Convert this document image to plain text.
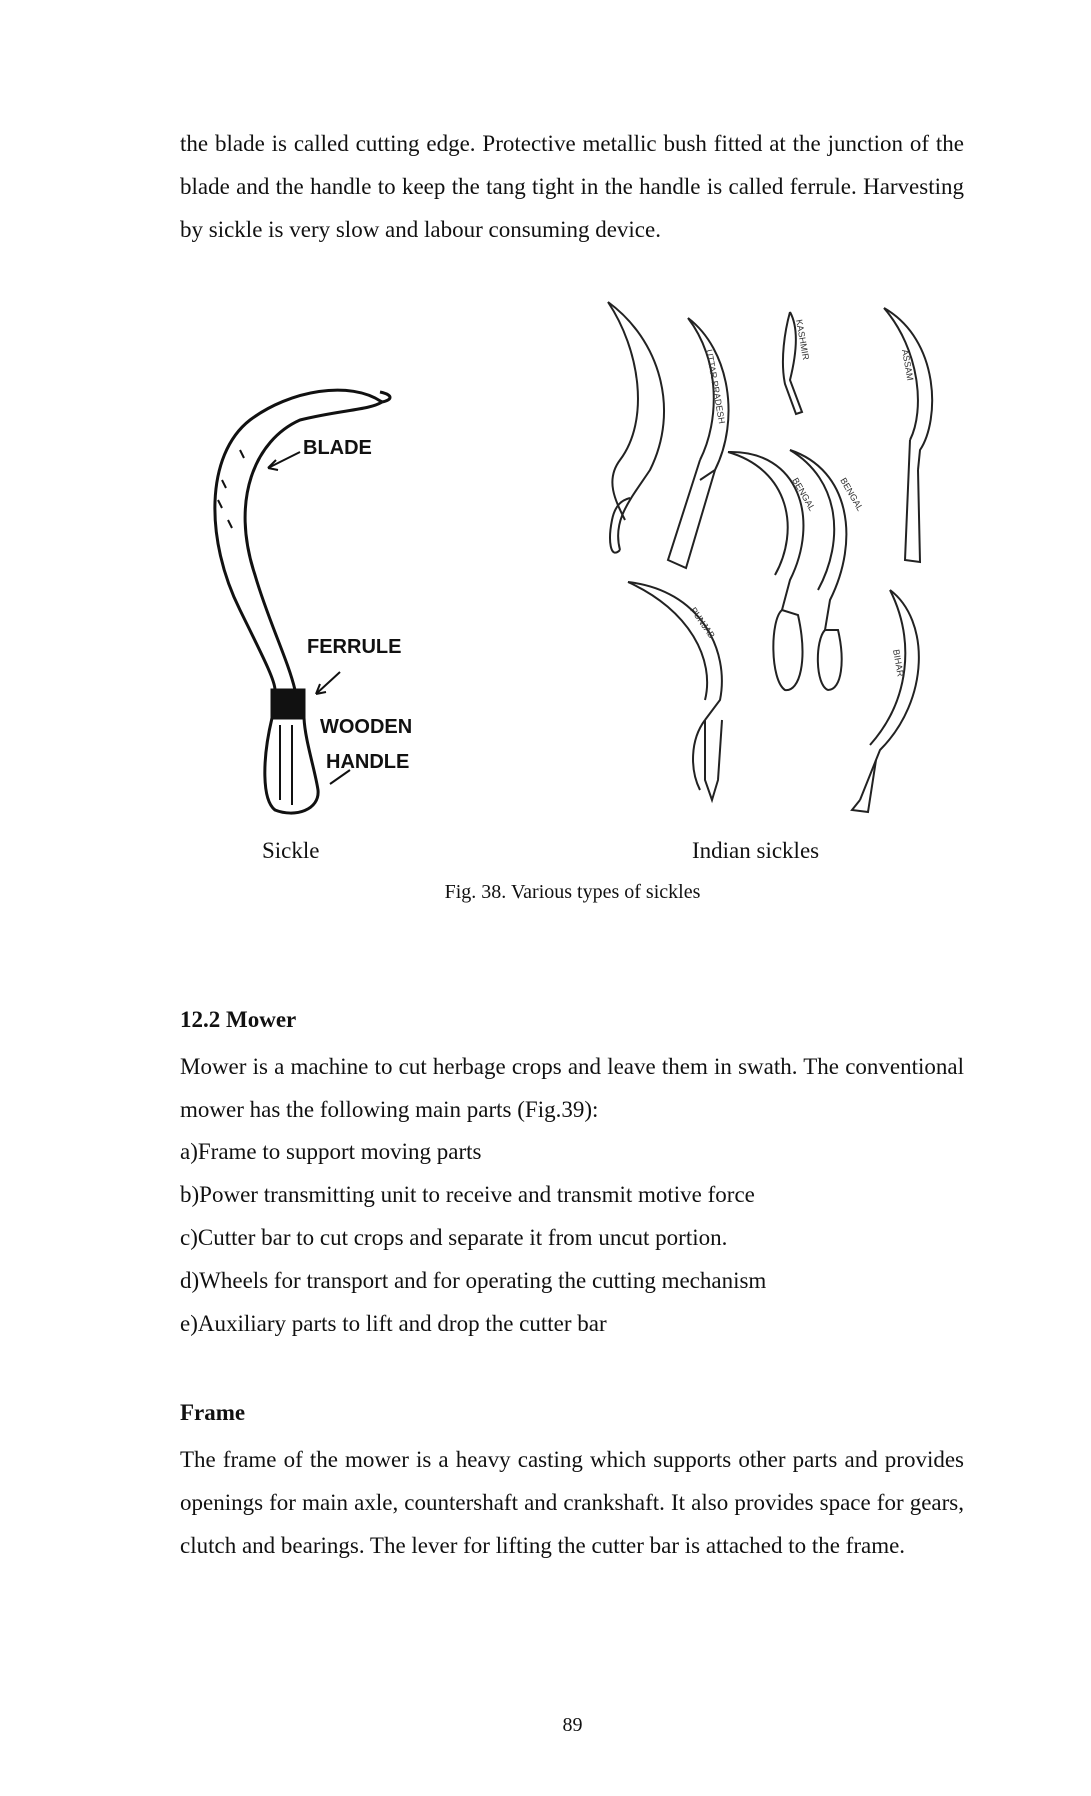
the blade is called cutting edge. Protective metallic bush fitted at the junction of the blade and the handle to keep the tang tight in the handle is called ferrule. Harvesting by sickle is very slow and labour consuming device.

BLADE
FERRULE
WOODEN
HANDLE
UTTAR PRADESH
KASHMIR
ASSAM
BENGAL BENGAL
PUNJAB
BIHAR
Sickle	Indian sickles
Fig. 38. Various types of sickles
12.2 Mower

Mower is a machine to cut herbage crops and leave them in swath. The conventional mower has the following main parts (Fig.39):

a)Frame to support moving parts
b)Power transmitting unit to receive and transmit motive force
c)Cutter bar to cut crops and separate it from uncut portion.
d)Wheels for transport and for operating the cutting mechanism
e)Auxiliary parts to lift and drop the cutter bar
Frame

The frame of the mower is a heavy casting which supports other parts and provides openings for main axle, countershaft and crankshaft. It also provides space for gears, clutch and bearings. The lever for lifting the cutter bar is attached to the frame.

89
